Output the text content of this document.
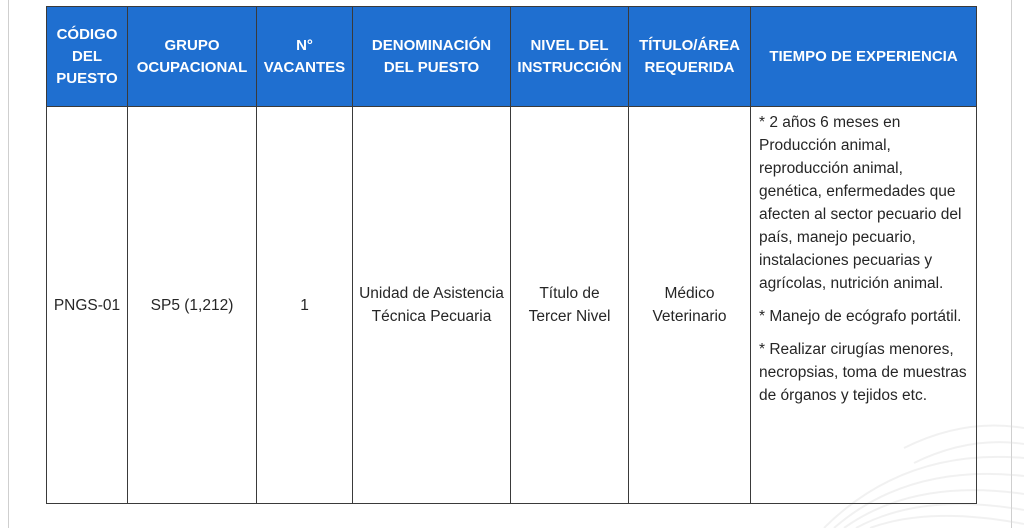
CÓDIGO DEL PUESTO	GRUPO OCUPACIONAL	N° VACANTES	DENOMINACIÓN DEL PUESTO	NIVEL DEL INSTRUCCIÓN	TÍTULO/ÁREA REQUERIDA	TIEMPO DE EXPERIENCIA
PNGS-01	SP5 (1,212)	1	Unidad de Asistencia Técnica Pecuaria	Título de Tercer Nivel	Médico Veterinario	* 2 años 6 meses en Producción animal, reproducción animal, genética, enfermedades que afecten al sector pecuario del país, manejo pecuario, instalaciones pecuarias y agrícolas, nutrición animal.
* Manejo de ecógrafo portátil.
* Realizar cirugías menores, necropsias, toma de muestras de órganos y tejidos etc.
